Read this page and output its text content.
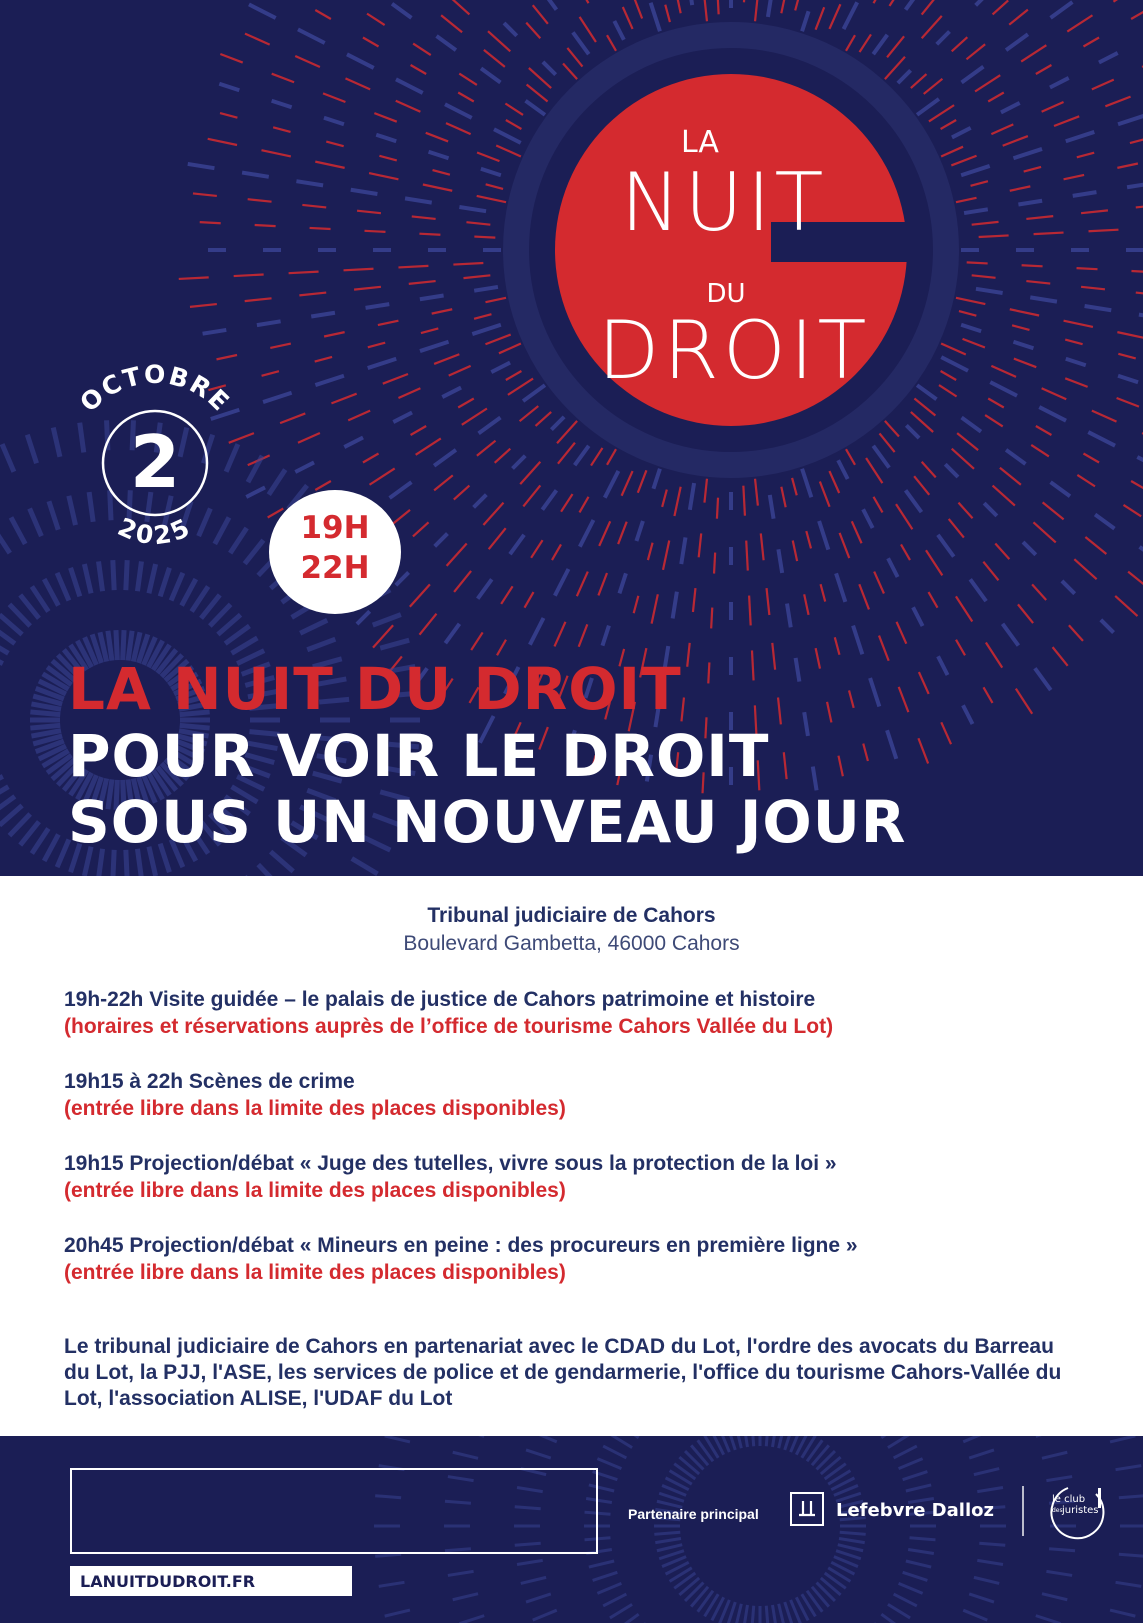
LA
NUIT
DU
DROIT
OCTOBRE
2025
2
19H
22H
LA NUIT DU DROIT
POUR VOIR LE DROIT
SOUS UN NOUVEAU JOUR
Tribunal judiciaire de Cahors
Boulevard Gambetta, 46000 Cahors
19h-22h Visite guidée – le palais de justice de Cahors patrimoine et histoire
(horaires et réservations auprès de l’office de tourisme Cahors Vallée du Lot)
19h15 à 22h Scènes de crime
(entrée libre dans la limite des places disponibles)
19h15 Projection/débat « Juge des tutelles, vivre sous la protection de la loi »
(entrée libre dans la limite des places disponibles)
20h45 Projection/débat « Mineurs en peine : des procureurs en première ligne »
(entrée libre dans la limite des places disponibles)
Le tribunal judiciaire de Cahors en partenariat avec le CDAD du Lot, l'ordre des avocats du Barreau du Lot, la PJJ, l'ASE, les services de police et de gendarmerie, l'office du tourisme Cahors-Vallée du Lot, l'association ALISE, l'UDAF du Lot
LANUITDUDROIT.FR
Partenaire principal	Lefebvre Dalloz
le club
des juristes
